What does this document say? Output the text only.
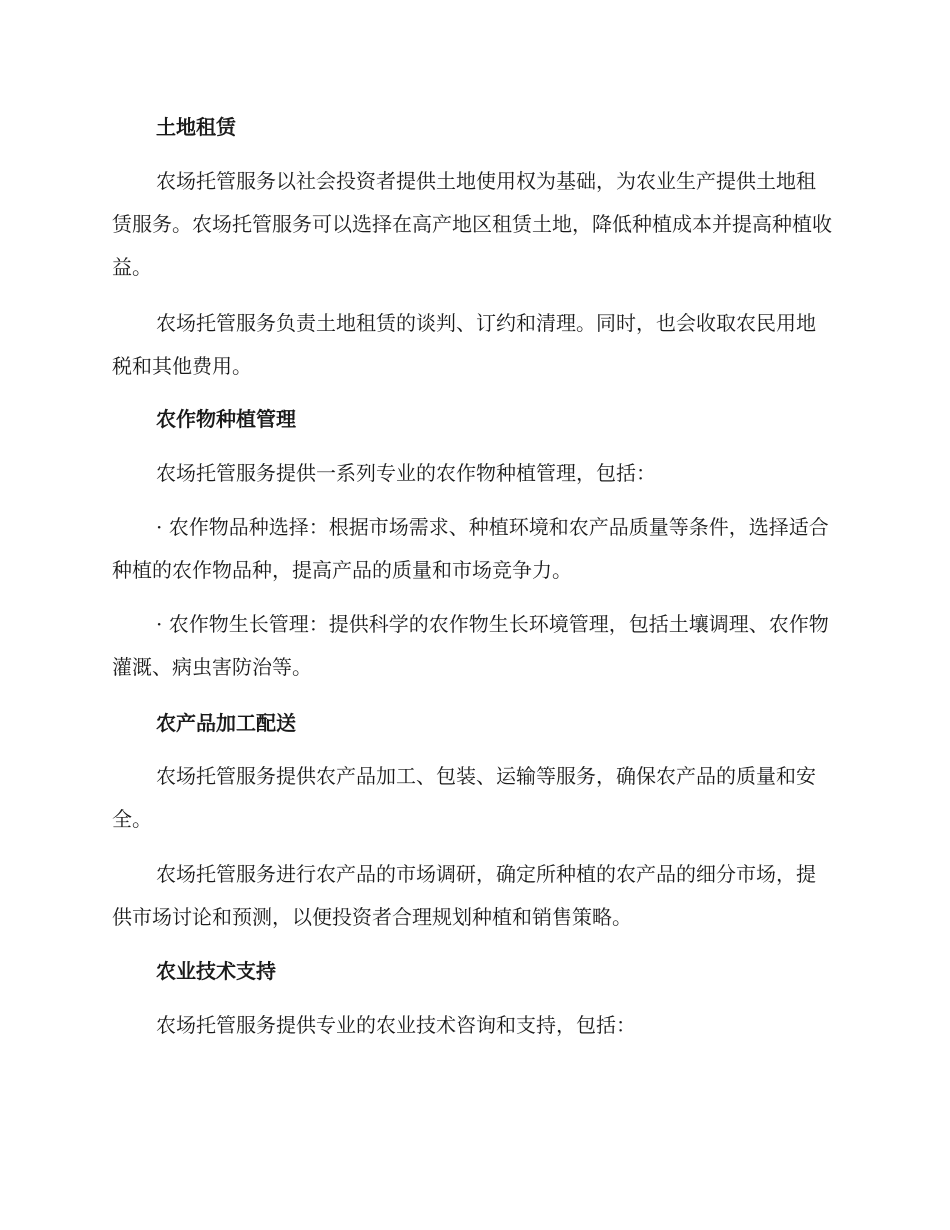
土地租赁

农场托管服务以社会投资者提供土地使用权为基础，为农业生产提供土地租赁服务。农场托管服务可以选择在高产地区租赁土地，降低种植成本并提高种植收益。

农场托管服务负责土地租赁的谈判、订约和清理。同时，也会收取农民用地税和其他费用。

农作物种植管理

农场托管服务提供一系列专业的农作物种植管理，包括：

· 农作物品种选择：根据市场需求、种植环境和农产品质量等条件，选择适合种植的农作物品种，提高产品的质量和市场竞争力。

· 农作物生长管理：提供科学的农作物生长环境管理，包括土壤调理、农作物灌溉、病虫害防治等。

农产品加工配送

农场托管服务提供农产品加工、包装、运输等服务，确保农产品的质量和安全。

农场托管服务进行农产品的市场调研，确定所种植的农产品的细分市场，提供市场讨论和预测，以便投资者合理规划种植和销售策略。

农业技术支持

农场托管服务提供专业的农业技术咨询和支持，包括：
